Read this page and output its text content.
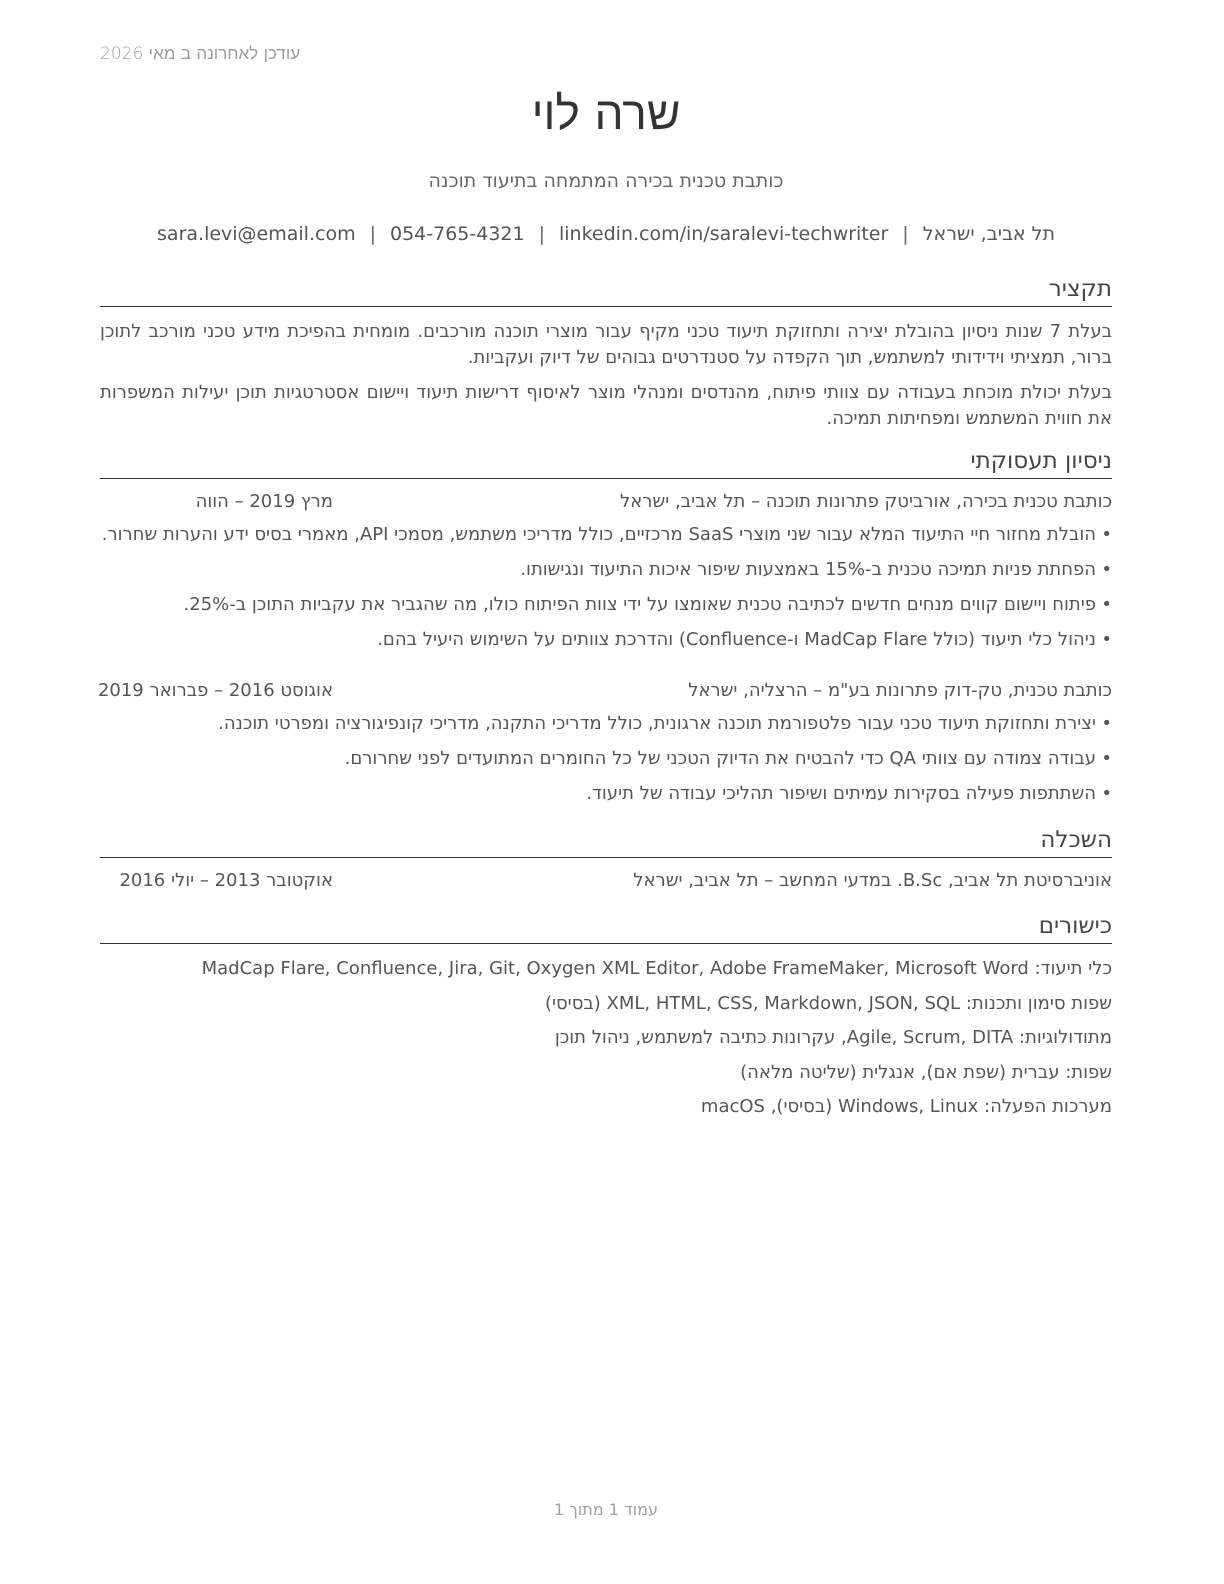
עודכן לאחרונה ב מאי 2026
שרה לוי
כותבת טכנית בכירה המתמחה בתיעוד תוכנה
תל אביב, ישראל|sara.levi@email.com | 054-765-4321 | linkedin.com/in/saralevi-techwriter
תקציר
בעלת 7 שנות ניסיון בהובלת יצירה ותחזוקת תיעוד טכני מקיף עבור מוצרי תוכנה מורכבים. מומחית בהפיכת מידע טכני מורכב לתוכן ברור, תמציתי וידידותי למשתמש, תוך הקפדה על סטנדרטים גבוהים של דיוק ועקביות.
בעלת יכולת מוכחת בעבודה עם צוותי פיתוח, מהנדסים ומנהלי מוצר לאיסוף דרישות תיעוד ויישום אסטרטגיות תוכן יעילות המשפרות את חווית המשתמש ומפחיתות תמיכה.
ניסיון תעסוקתי
כותבת טכנית בכירה, אורביטק פתרונות תוכנה – תל אביב, ישראל
מרץ 2019 – הווה
•
הובלת מחזור חיי התיעוד המלא עבור שני מוצרי SaaS מרכזיים, כולל מדריכי משתמש, מסמכי API, מאמרי בסיס ידע והערות שחרור.
•
הפחתת פניות תמיכה טכנית ב-15% באמצעות שיפור איכות התיעוד ונגישותו.
•
פיתוח ויישום קווים מנחים חדשים לכתיבה טכנית שאומצו על ידי צוות הפיתוח כולו, מה שהגביר את עקביות התוכן ב-25%.
•
ניהול כלי תיעוד (כולל MadCap Flare ו-Confluence) והדרכת צוותים על השימוש היעיל בהם.
כותבת טכנית, טק-דוק פתרונות בע"מ – הרצליה, ישראל
אוגוסט 2016 – פברואר 2019
•
יצירת ותחזוקת תיעוד טכני עבור פלטפורמת תוכנה ארגונית, כולל מדריכי התקנה, מדריכי קונפיגורציה ומפרטי תוכנה.
•
עבודה צמודה עם צוותי QA כדי להבטיח את הדיוק הטכני של כל החומרים המתועדים לפני שחרורם.
•
השתתפות פעילה בסקירות עמיתים ושיפור תהליכי עבודה של תיעוד.
השכלה
אוניברסיטת תל אביב, B.Sc. במדעי המחשב – תל אביב, ישראל
אוקטובר 2013 – יולי 2016
כישורים
כלי תיעוד: MadCap Flare, Confluence, Jira, Git, Oxygen XML Editor, Adobe FrameMaker, Microsoft Word
שפות סימון ותכנות: XML, HTML, CSS, Markdown, JSON, SQL (בסיסי)
מתודולוגיות: Agile, Scrum, DITA, עקרונות כתיבה למשתמש, ניהול תוכן
שפות: עברית (שפת אם), אנגלית (שליטה מלאה)
מערכות הפעלה: Windows, Linux (בסיסי), macOS
עמוד 1 מתוך 1
